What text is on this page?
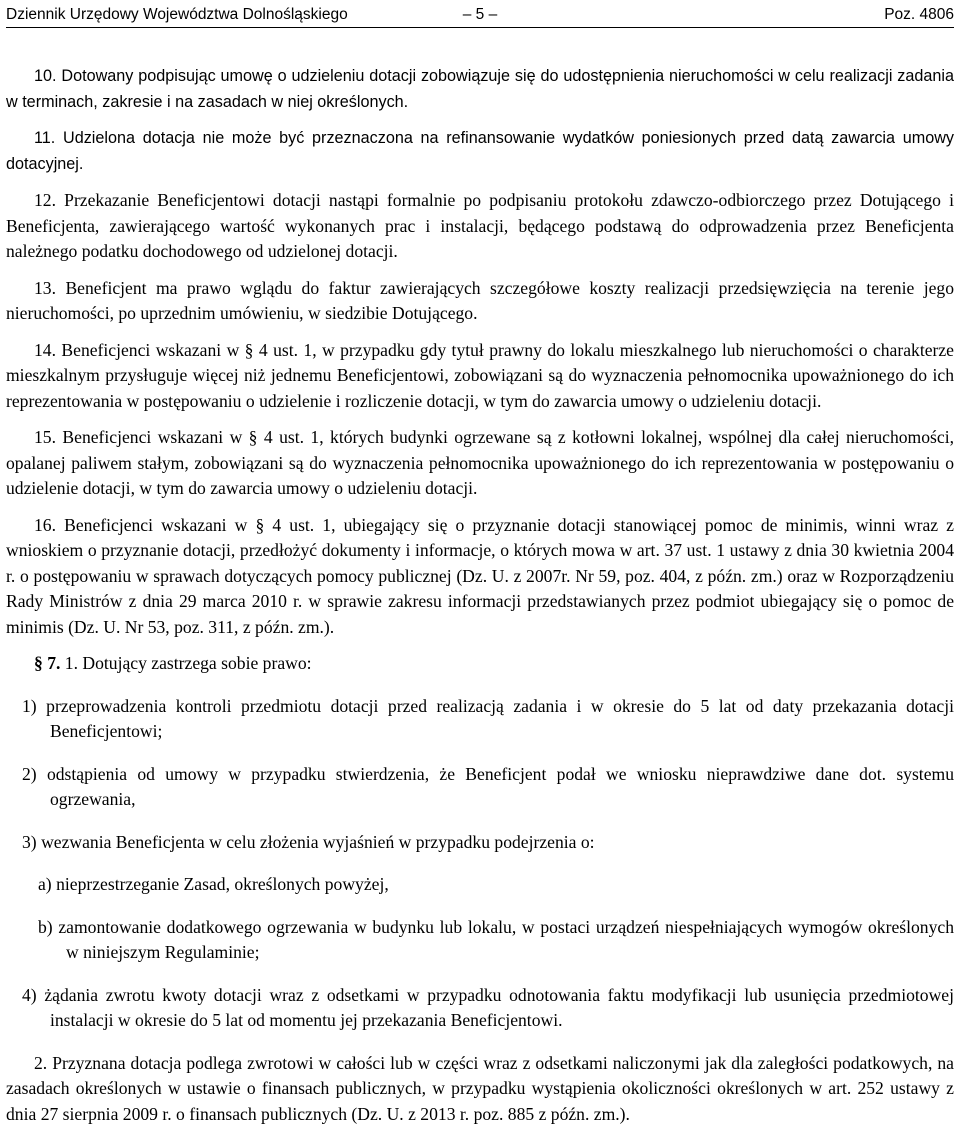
Dziennik Urzędowy Województwa Dolnośląskiego	– 5 –	Poz. 4806

10. Dotowany podpisując umowę o udzieleniu dotacji zobowiązuje się do udostępnienia nieruchomości w celu realizacji zadania w terminach, zakresie i na zasadach w niej określonych.

11. Udzielona dotacja nie może być przeznaczona na refinansowanie wydatków poniesionych przed datą zawarcia umowy dotacyjnej.

12. Przekazanie Beneficjentowi dotacji nastąpi formalnie po podpisaniu protokołu zdawczo-odbiorczego przez Dotującego i Beneficjenta, zawierającego wartość wykonanych prac i instalacji, będącego podstawą do odprowadzenia przez Beneficjenta należnego podatku dochodowego od udzielonej dotacji.

13. Beneficjent ma prawo wglądu do faktur zawierających szczegółowe koszty realizacji przedsięwzięcia na terenie jego nieruchomości, po uprzednim umówieniu, w siedzibie Dotującego.

14. Beneficjenci wskazani w § 4 ust. 1, w przypadku gdy tytuł prawny do lokalu mieszkalnego lub nieruchomości o charakterze mieszkalnym przysługuje więcej niż jednemu Beneficjentowi, zobowiązani są do wyznaczenia pełnomocnika upoważnionego do ich reprezentowania w postępowaniu o udzielenie i rozliczenie dotacji, w tym do zawarcia umowy o udzieleniu dotacji.

15. Beneficjenci wskazani w § 4 ust. 1, których budynki ogrzewane są z kotłowni lokalnej, wspólnej dla całej nieruchomości, opalanej paliwem stałym, zobowiązani są do wyznaczenia pełnomocnika upoważnionego do ich reprezentowania w postępowaniu o udzielenie dotacji, w tym do zawarcia umowy o udzieleniu dotacji.

16. Beneficjenci wskazani w § 4 ust. 1, ubiegający się o przyznanie dotacji stanowiącej pomoc de minimis, winni wraz z wnioskiem o przyznanie dotacji, przedłożyć dokumenty i informacje, o których mowa w art. 37 ust. 1 ustawy z dnia 30 kwietnia 2004 r. o postępowaniu w sprawach dotyczących pomocy publicznej (Dz. U. z 2007r. Nr 59, poz. 404, z późn. zm.) oraz w Rozporządzeniu Rady Ministrów z dnia 29 marca 2010 r. w sprawie zakresu informacji przedstawianych przez podmiot ubiegający się o pomoc de minimis (Dz. U. Nr 53, poz. 311, z późn. zm.).

§ 7. 1. Dotujący zastrzega sobie prawo:

1) przeprowadzenia kontroli przedmiotu dotacji przed realizacją zadania i w okresie do 5 lat od daty przekazania dotacji Beneficjentowi;

2) odstąpienia od umowy w przypadku stwierdzenia, że Beneficjent podał we wniosku nieprawdziwe dane dot. systemu ogrzewania,

3) wezwania Beneficjenta w celu złożenia wyjaśnień w przypadku podejrzenia o:

a) nieprzestrzeganie Zasad, określonych powyżej,

b) zamontowanie dodatkowego ogrzewania w budynku lub lokalu, w postaci urządzeń niespełniających wymogów określonych w niniejszym Regulaminie;

4) żądania zwrotu kwoty dotacji wraz z odsetkami w przypadku odnotowania faktu modyfikacji lub usunięcia przedmiotowej instalacji w okresie do 5 lat od momentu jej przekazania Beneficjentowi.

2. Przyznana dotacja podlega zwrotowi w całości lub w części wraz z odsetkami naliczonymi jak dla zaległości podatkowych, na zasadach określonych w ustawie o finansach publicznych, w przypadku wystąpienia okoliczności określonych w art. 252 ustawy z dnia 27 sierpnia 2009 r. o finansach publicznych (Dz. U. z 2013 r. poz. 885 z późn. zm.).
